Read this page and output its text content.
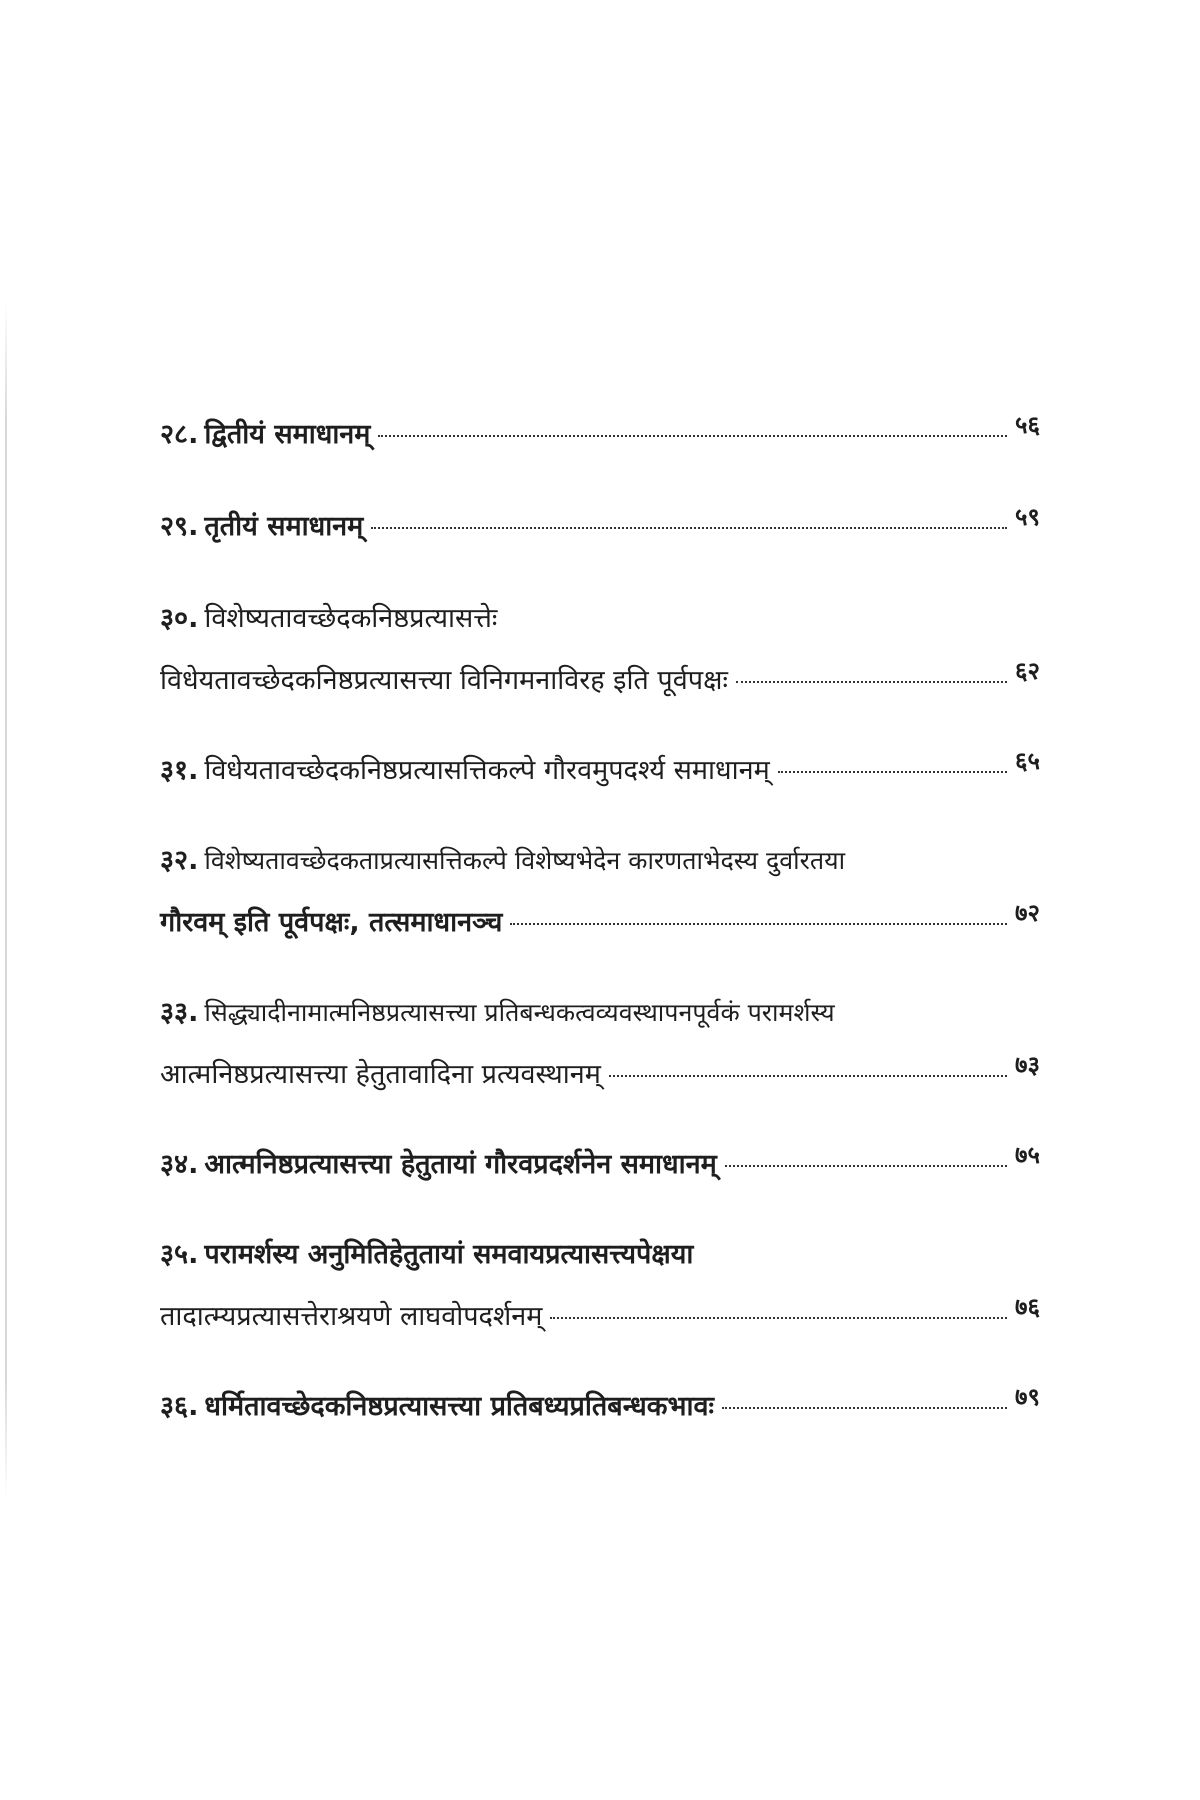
२८ . द्वितीयं समाधानम्	५६
२९ . तृतीयं समाधानम्	५९
३० . विशेष्यतावच्छेदकनिष्ठप्रत्यासत्तेः
विधेयतावच्छेदकनिष्ठप्रत्यासत्त्या विनिगमनाविरह इति पूर्वपक्षः	६२
३१ . विधेयतावच्छेदकनिष्ठप्रत्यासत्तिकल्पे गौरवमुपदर्श्य समाधानम्	६५
३२ . विशेष्यतावच्छेदकताप्रत्यासत्तिकल्पे विशेष्यभेदेन कारणताभेदस्य दुर्वारतया
गौरवम् इति पूर्वपक्षः, तत्समाधानञ्च	७२
३३ . सिद्ध्यादीनामात्मनिष्ठप्रत्यासत्त्या प्रतिबन्धकत्वव्यवस्थापनपूर्वकं परामर्शस्य
आत्मनिष्ठप्रत्यासत्त्या हेतुतावादिना प्रत्यवस्थानम्	७३
३४ . आत्मनिष्ठप्रत्यासत्त्या हेतुतायां गौरवप्रदर्शनेन समाधानम्	७५
३५ . परामर्शस्य अनुमितिहेतुतायां समवायप्रत्यासत्त्यपेक्षया
तादात्म्यप्रत्यासत्तेराश्रयणे लाघवोपदर्शनम्	७६
३६ . धर्मितावच्छेदकनिष्ठप्रत्यासत्त्या प्रतिबध्यप्रतिबन्धकभावः	७९
